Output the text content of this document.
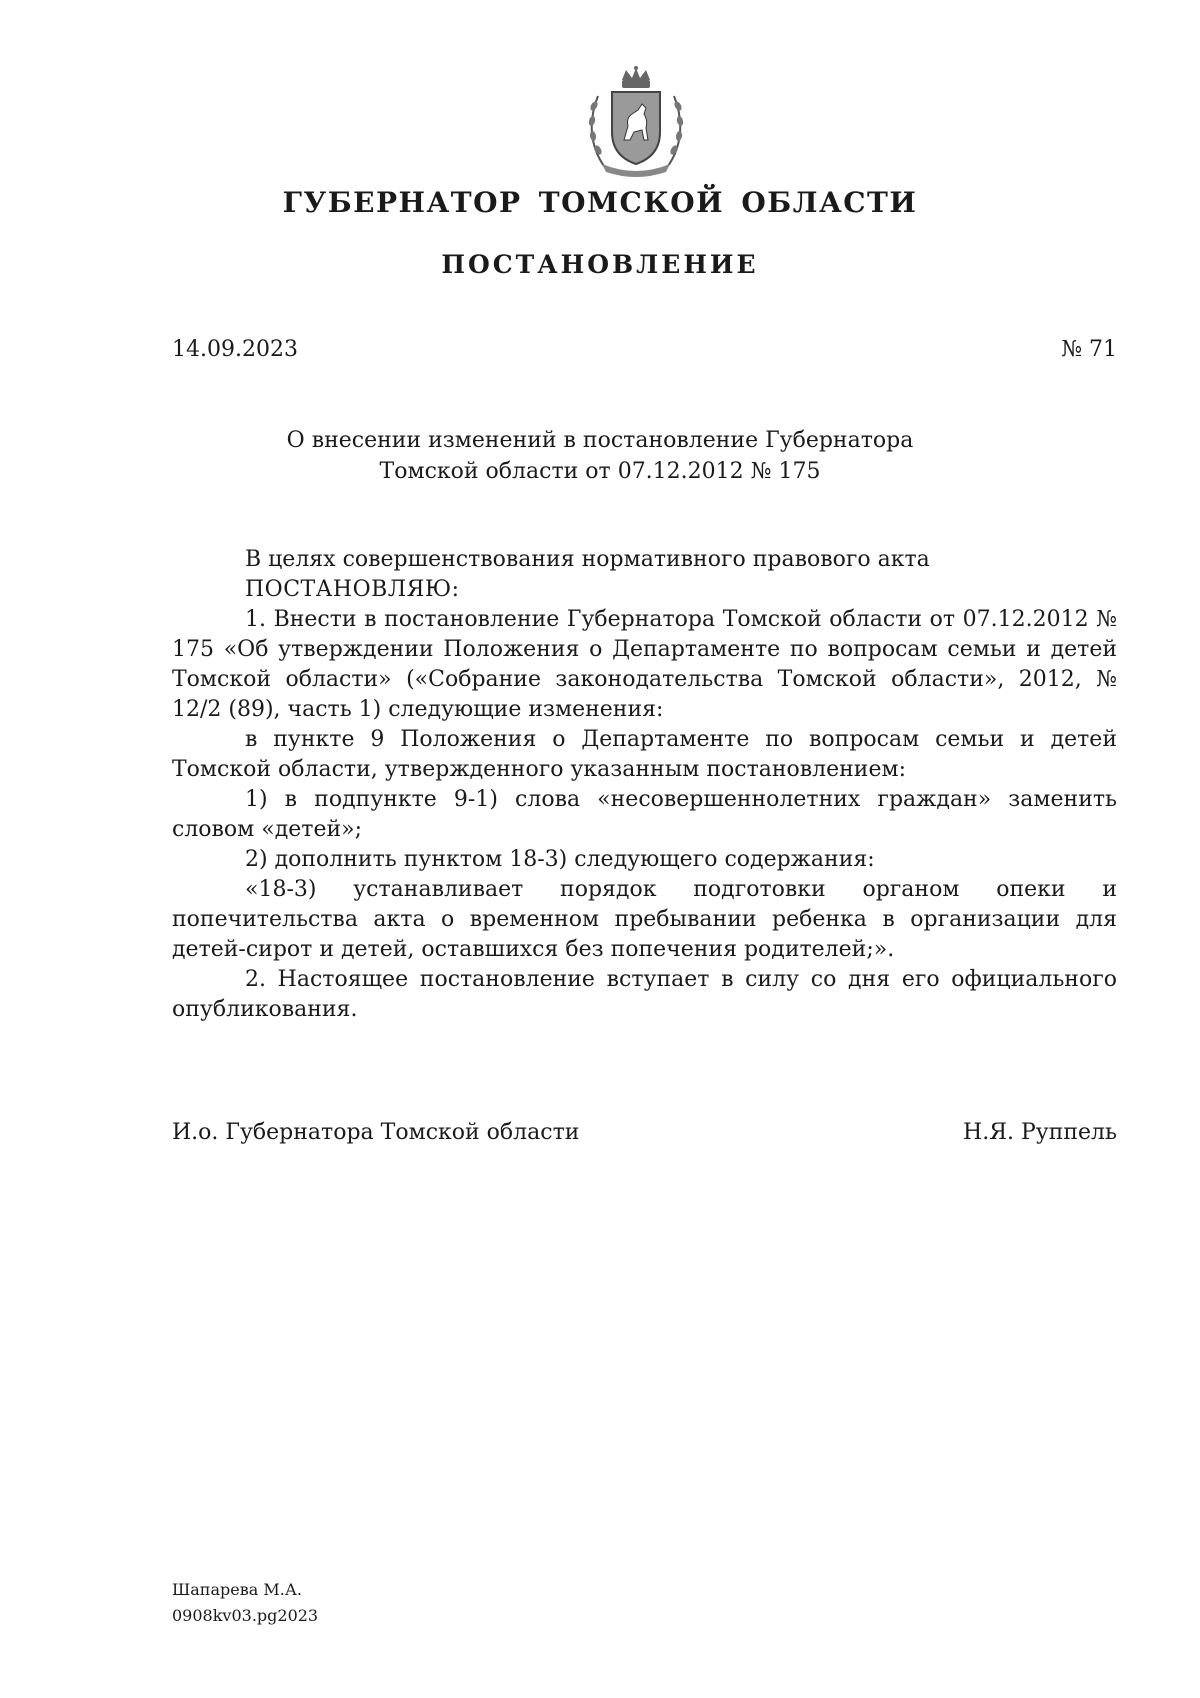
ГУБЕРНАТОР ТОМСКОЙ ОБЛАСТИ
ПОСТАНОВЛЕНИЕ
14.09.2023	№ 71
О внесении изменений в постановление Губернатора
Томской области от 07.12.2012 № 175

В целях совершенствования нормативного правового акта

ПОСТАНОВЛЯЮ:

1. Внести в постановление Губернатора Томской области от 07.12.2012 № 175 «Об утверждении Положения о Департаменте по вопросам семьи и детей Томской области» («Собрание законодательства Томской области», 2012, № 12/2 (89), часть 1) следующие изменения:

в пункте 9 Положения о Департаменте по вопросам семьи и детей Томской области, утвержденного указанным постановлением:

1) в подпункте 9-1) слова «несовершеннолетних граждан» заменить словом «детей»;

2) дополнить пунктом 18-3) следующего содержания:

«18-3) устанавливает порядок подготовки органом опеки и попечительства акта о временном пребывании ребенка в организации для детей-сирот и детей, оставшихся без попечения родителей;».

2. Настоящее постановление вступает в силу со дня его официального опубликования.

И.о. Губернатора Томской области	Н.Я. Руппель
Шапарева М.А.
0908kv03.pg2023
